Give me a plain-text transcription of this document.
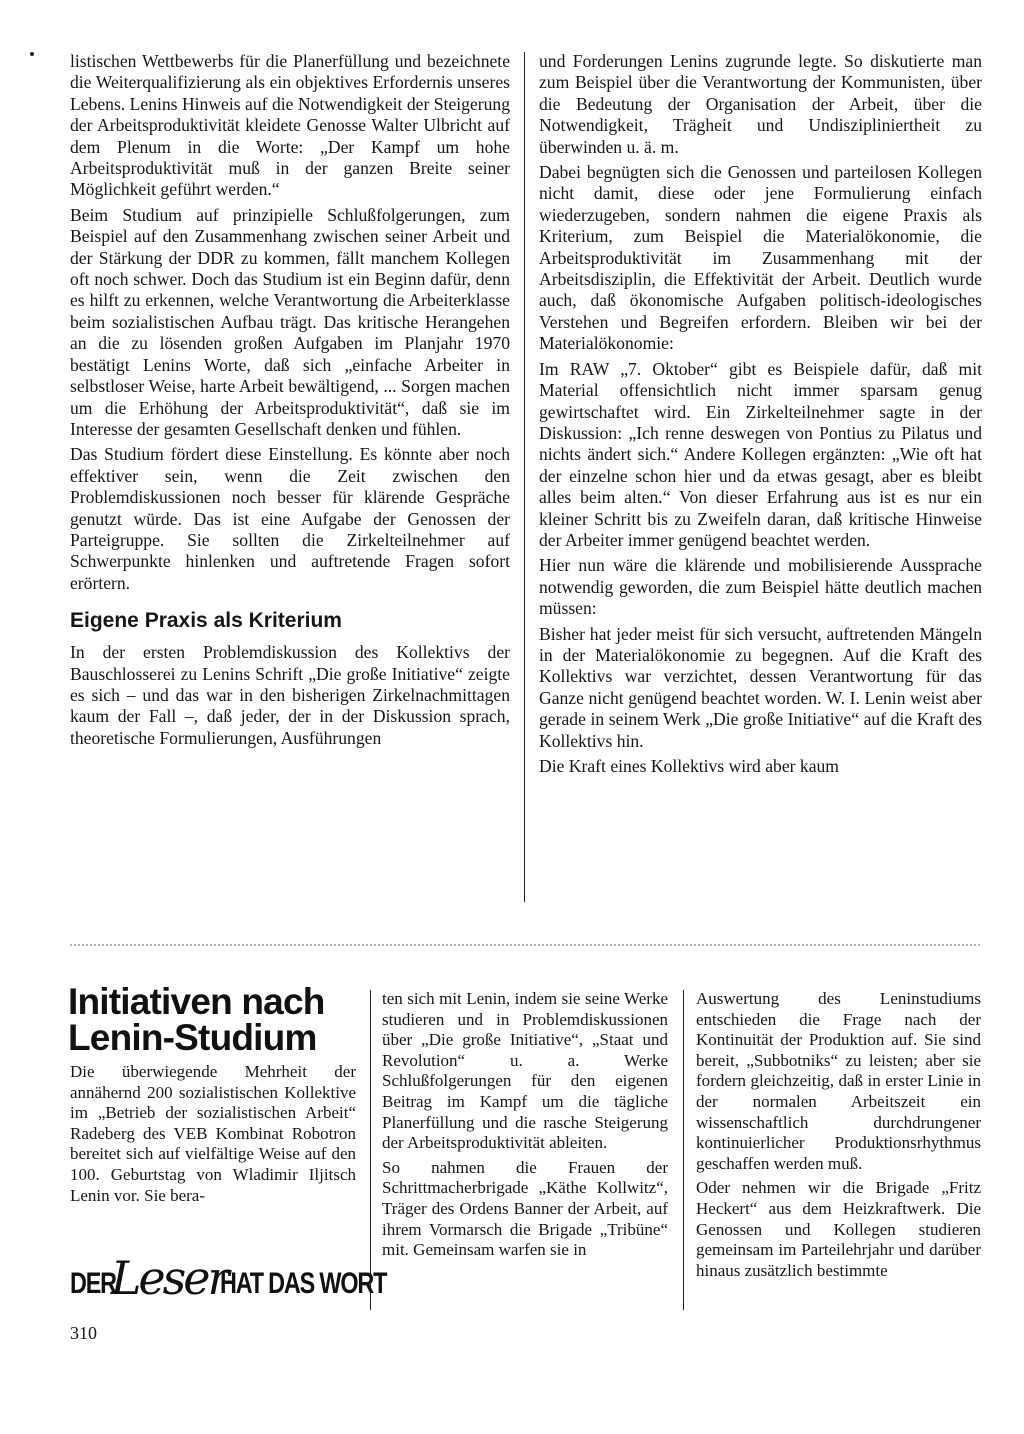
listischen Wettbewerbs für die Planerfüllung und bezeichnete die Weiterqualifizierung als ein objektives Erfordernis unseres Lebens. Lenins Hinweis auf die Notwendigkeit der Steigerung der Arbeitsproduktivität kleidete Genosse Walter Ulbricht auf dem Plenum in die Worte: „Der Kampf um hohe Arbeitsproduktivität muß in der ganzen Breite seiner Möglichkeit geführt werden.“

Beim Studium auf prinzipielle Schlußfolgerungen, zum Beispiel auf den Zusammenhang zwischen seiner Arbeit und der Stärkung der DDR zu kommen, fällt manchem Kollegen oft noch schwer. Doch das Studium ist ein Beginn dafür, denn es hilft zu erkennen, welche Verantwortung die Arbeiterklasse beim sozialistischen Aufbau trägt. Das kritische Herangehen an die zu lösenden großen Aufgaben im Planjahr 1970 bestätigt Lenins Worte, daß sich „einfache Arbeiter in selbstloser Weise, harte Arbeit bewältigend, ... Sorgen machen um die Erhöhung der Arbeitsproduktivität“, daß sie im Interesse der gesamten Gesellschaft denken und fühlen.

Das Studium fördert diese Einstellung. Es könnte aber noch effektiver sein, wenn die Zeit zwischen den Problemdiskussionen noch besser für klärende Gespräche genutzt würde. Das ist eine Aufgabe der Genossen der Parteigruppe. Sie sollten die Zirkelteilnehmer auf Schwerpunkte hinlenken und auftretende Fragen sofort erörtern.

Eigene Praxis als Kriterium

In der ersten Problemdiskussion des Kollektivs der Bauschlosserei zu Lenins Schrift „Die große Initiative“ zeigte es sich – und das war in den bisherigen Zirkelnachmittagen kaum der Fall –, daß jeder, der in der Diskussion sprach, theoretische Formulierungen, Ausführungen

und Forderungen Lenins zugrunde legte. So diskutierte man zum Beispiel über die Verantwortung der Kommunisten, über die Bedeutung der Organisation der Arbeit, über die Notwendigkeit, Trägheit und Undiszipliniertheit zu überwinden u. ä. m.

Dabei begnügten sich die Genossen und parteilosen Kollegen nicht damit, diese oder jene Formulierung einfach wiederzugeben, sondern nahmen die eigene Praxis als Kriterium, zum Beispiel die Materialökonomie, die Arbeitsproduktivität im Zusammenhang mit der Arbeitsdisziplin, die Effektivität der Arbeit. Deutlich wurde auch, daß ökonomische Aufgaben politisch-ideologisches Verstehen und Begreifen erfordern. Bleiben wir bei der Materialökonomie:

Im RAW „7. Oktober“ gibt es Beispiele dafür, daß mit Material offensichtlich nicht immer sparsam genug gewirtschaftet wird. Ein Zirkelteilnehmer sagte in der Diskussion: „Ich renne deswegen von Pontius zu Pilatus und nichts ändert sich.“ Andere Kollegen ergänzten: „Wie oft hat der einzelne schon hier und da etwas gesagt, aber es bleibt alles beim alten.“ Von dieser Erfahrung aus ist es nur ein kleiner Schritt bis zu Zweifeln daran, daß kritische Hinweise der Arbeiter immer genügend beachtet werden.

Hier nun wäre die klärende und mobilisierende Aussprache notwendig geworden, die zum Beispiel hätte deutlich machen müssen:

Bisher hat jeder meist für sich versucht, auftretenden Mängeln in der Materialökonomie zu begegnen. Auf die Kraft des Kollektivs war verzichtet, dessen Verantwortung für das Ganze nicht genügend beachtet worden. W. I. Lenin weist aber gerade in seinem Werk „Die große Initiative“ auf die Kraft des Kollektivs hin.

Die Kraft eines Kollektivs wird aber kaum

Initiativen nach Lenin-Studium

Die überwiegende Mehrheit der annähernd 200 sozialistischen Kollektive im „Betrieb der sozialistischen Arbeit“ Radeberg des VEB Kombinat Robotron bereitet sich auf vielfältige Weise auf den 100. Geburtstag von Wladimir Iljitsch Lenin vor. Sie bera-

ten sich mit Lenin, indem sie seine Werke studieren und in Problemdiskussionen über „Die große Initiative“, „Staat und Revolution“ u. a. Werke Schlußfolgerungen für den eigenen Beitrag im Kampf um die tägliche Planerfüllung und die rasche Steigerung der Arbeitsproduktivität ableiten.

So nahmen die Frauen der Schrittmacherbrigade „Käthe Kollwitz“, Träger des Ordens Banner der Arbeit, auf ihrem Vormarsch die Brigade „Tribüne“ mit. Gemeinsam warfen sie in

Auswertung des Leninstudiums entschieden die Frage nach der Kontinuität der Produktion auf. Sie sind bereit, „Subbotniks“ zu leisten; aber sie fordern gleichzeitig, daß in erster Linie in der normalen Arbeitszeit ein wissenschaftlich durchdrungener kontinuierlicher Produktionsrhythmus geschaffen werden muß.

Oder nehmen wir die Brigade „Fritz Heckert“ aus dem Heizkraftwerk. Die Genossen und Kollegen studieren gemeinsam im Parteilehrjahr und darüber hinaus zusätzlich bestimmte

DER
Leser
HAT DAS WORT
310
